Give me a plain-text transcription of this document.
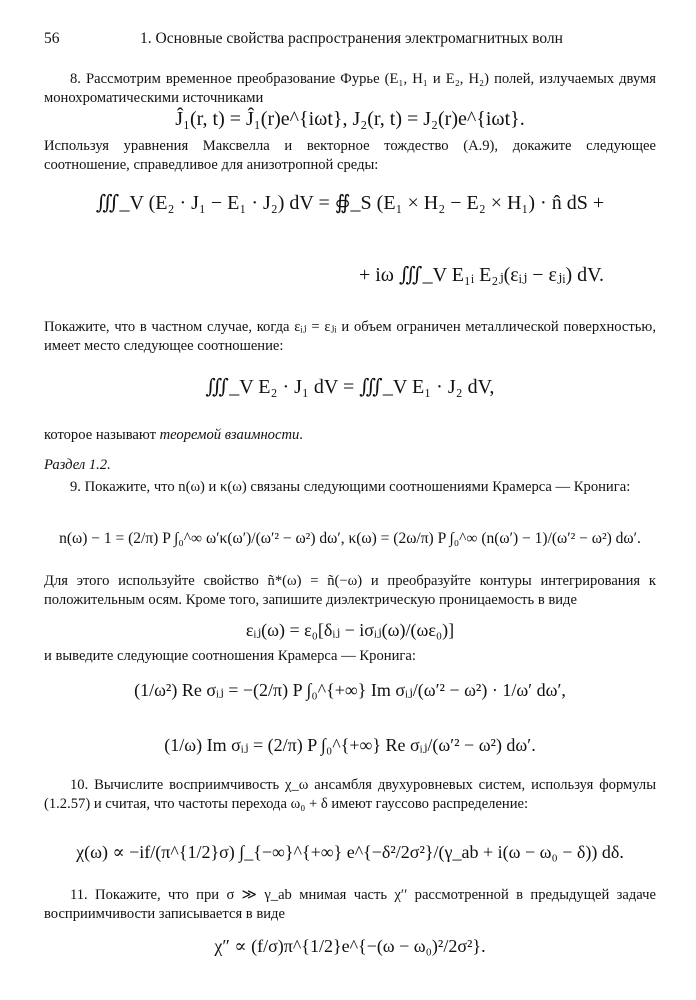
56	1. Основные свойства распространения электромагнитных волн
8. Рассмотрим временное преобразование Фурье (E₁, H₁ и E₂, H₂) полей, излучаемых двумя монохроматическими источниками
Ĵ₁(r, t) = Ĵ₁(r)e^{iωt}, J₂(r, t) = J₂(r)e^{iωt}.
Используя уравнения Максвелла и векторное тождество (A.9), докажите следующее соотношение, справедливое для анизотропной среды:
∭_V (E₂ · J₁ − E₁ · J₂) dV = ∯_S (E₁ × H₂ − E₂ × H₁) · n̂ dS +
+ iω ∭_V E₁ᵢ E₂ⱼ(εᵢⱼ − εⱼᵢ) dV.
Покажите, что в частном случае, когда εᵢⱼ = εⱼᵢ и объем ограничен металлической поверхностью, имеет место следующее соотношение:
∭_V E₂ · J₁ dV = ∭_V E₁ · J₂ dV,
которое называют теоремой взаимности.
Раздел 1.2.
9. Покажите, что n(ω) и κ(ω) связаны следующими соотношениями Крамерса — Кронига:
n(ω) − 1 = (2/π) P ∫₀^∞ ω′κ(ω′)/(ω′² − ω²) dω′, κ(ω) = (2ω/π) P ∫₀^∞ (n(ω′) − 1)/(ω′² − ω²) dω′.
Для этого используйте свойство ñ*(ω) = ñ(−ω) и преобразуйте контуры интегрирования к положительным осям. Кроме того, запишите диэлектрическую проницаемость в виде
εᵢⱼ(ω) = ε₀[δᵢⱼ − iσᵢⱼ(ω)/(ωε₀)]
и выведите следующие соотношения Крамерса — Кронига:
(1/ω²) Re σᵢⱼ = −(2/π) P ∫₀^{+∞} Im σᵢⱼ/(ω′² − ω²) · 1/ω′ dω′,
(1/ω) Im σᵢⱼ = (2/π) P ∫₀^{+∞} Re σᵢⱼ/(ω′² − ω²) dω′.
10. Вычислите восприимчивость χ_ω ансамбля двухуровневых систем, используя формулы (1.2.57) и считая, что частоты перехода ω₀ + δ имеют гауссово распределение:
χ(ω) ∝ −if/(π^{1/2}σ) ∫_{−∞}^{+∞} e^{−δ²/2σ²}/(γ_ab + i(ω − ω₀ − δ)) dδ.
11. Покажите, что при σ ≫ γ_ab мнимая часть χ′′ рассмотренной в предыдущей задаче восприимчивости записывается в виде
χ″ ∝ (f/σ)π^{1/2}e^{−(ω − ω₀)²/2σ²}.
